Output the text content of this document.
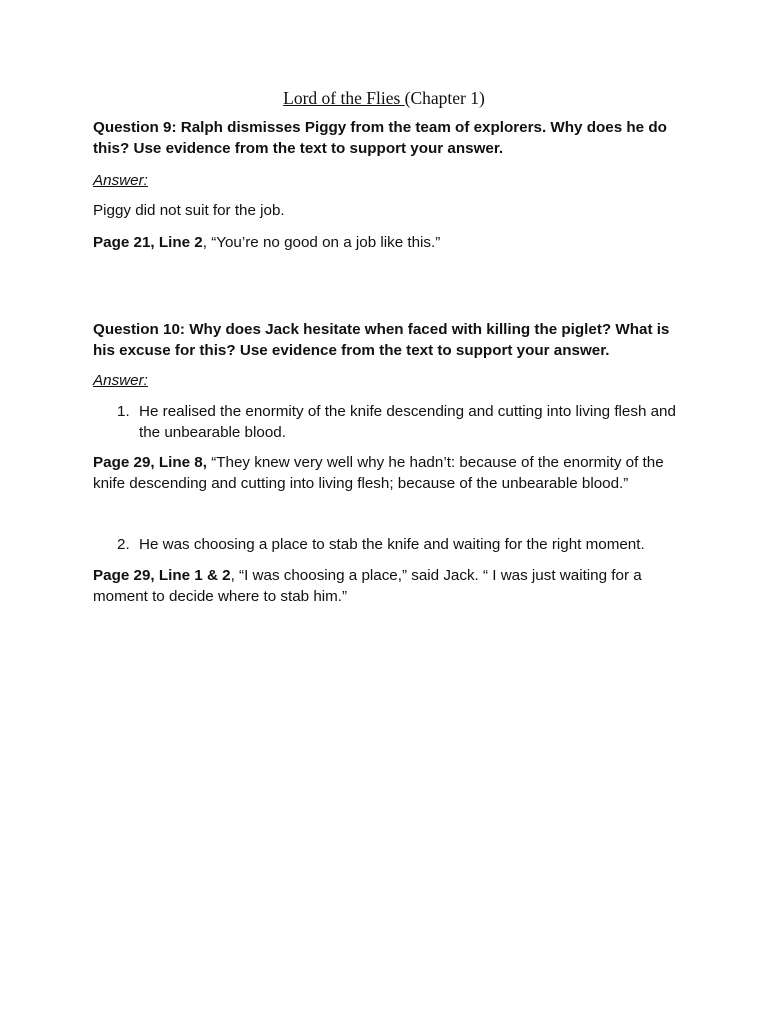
Lord of the Flies (Chapter 1)
Question 9: Ralph dismisses Piggy from the team of explorers. Why does he do this? Use evidence from the text to support your answer.
Answer:
Piggy did not suit for the job.
Page 21, Line 2, “You’re no good on a job like this.”
Question 10: Why does Jack hesitate when faced with killing the piglet? What is his excuse for this? Use evidence from the text to support your answer.
Answer:
1. He realised the enormity of the knife descending and cutting into living flesh and the unbearable blood.
Page 29, Line 8, “They knew very well why he hadn’t: because of the enormity of the knife descending and cutting into living flesh; because of the unbearable blood.”
2. He was choosing a place to stab the knife and waiting for the right moment.
Page 29, Line 1 & 2, “I was choosing a place,” said Jack. “ I was just waiting for a moment to decide where to stab him.”
